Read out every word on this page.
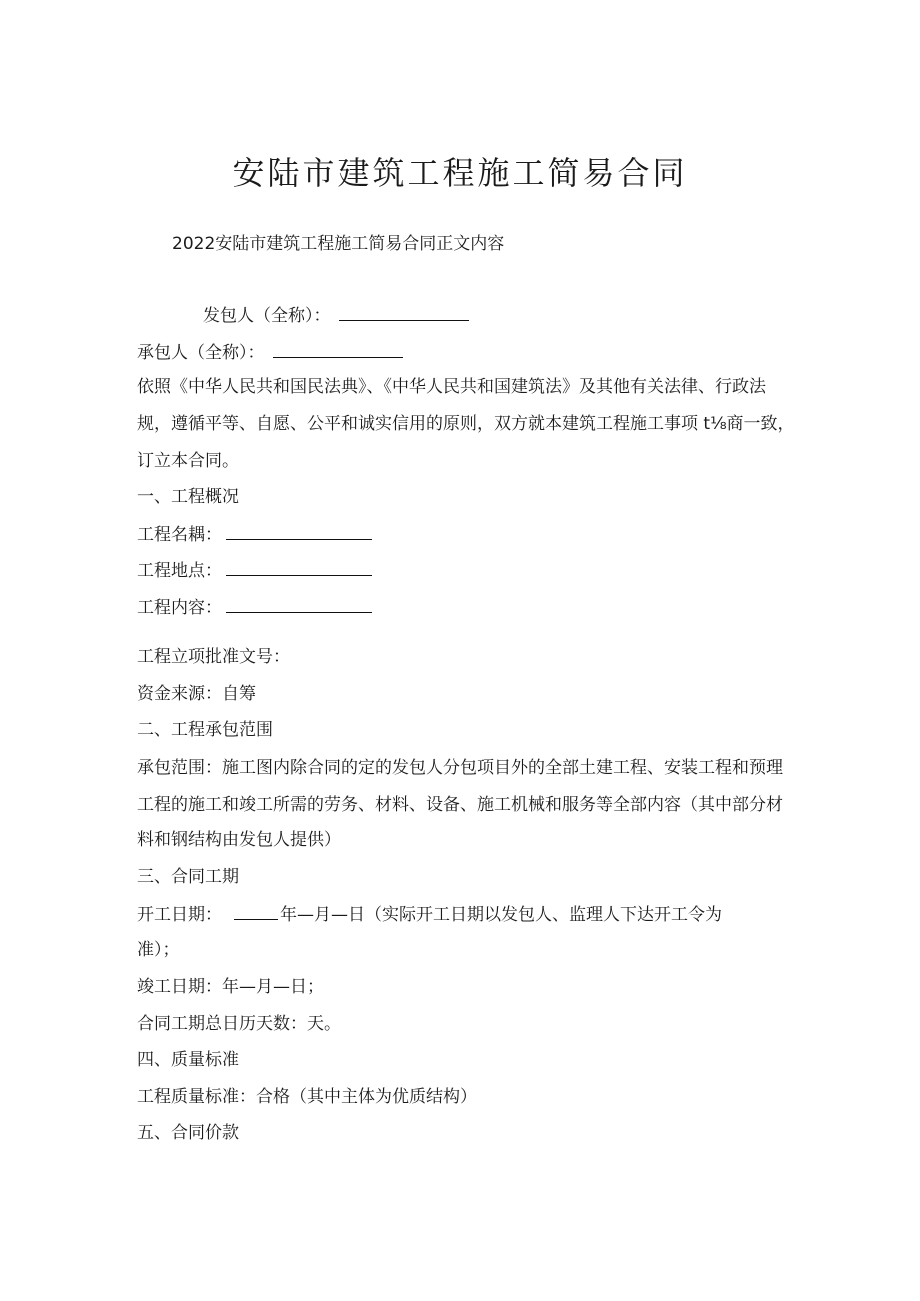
安陆市建筑工程施工简易合同
2022安陆市建筑工程施工简易合同正文内容
发包人（全称）：
承包人（全称）：
依照《中华人民共和国民法典》、《中华人民共和国建筑法》及其他有关法律、行政法
规，遵循平等、自愿、公平和诚实信用的原则，双方就本建筑工程施工事项 t⅛商一致，
订立本合同。
一、工程概况
工程名耦：
工程地点：
工程内容：
工程立项批准文号：
资金来源：自筹
二、工程承包范围
承包范围：施工图内除合同的定的发包人分包项目外的全部土建工程、安装工程和预理
工程的施工和竣工所需的劳务、材料、设备、施工机械和服务等全部内容（其中部分材
料和钢结构由发包人提供）
三、合同工期
开工日期：	年—月—日（实际开工日期以发包人、监理人下达开工令为
准）；
竣工日期：年—月—日；
合同工期总日历天数：天。
四、质量标准
工程质量标准：合格（其中主体为优质结构）
五、合同价款
